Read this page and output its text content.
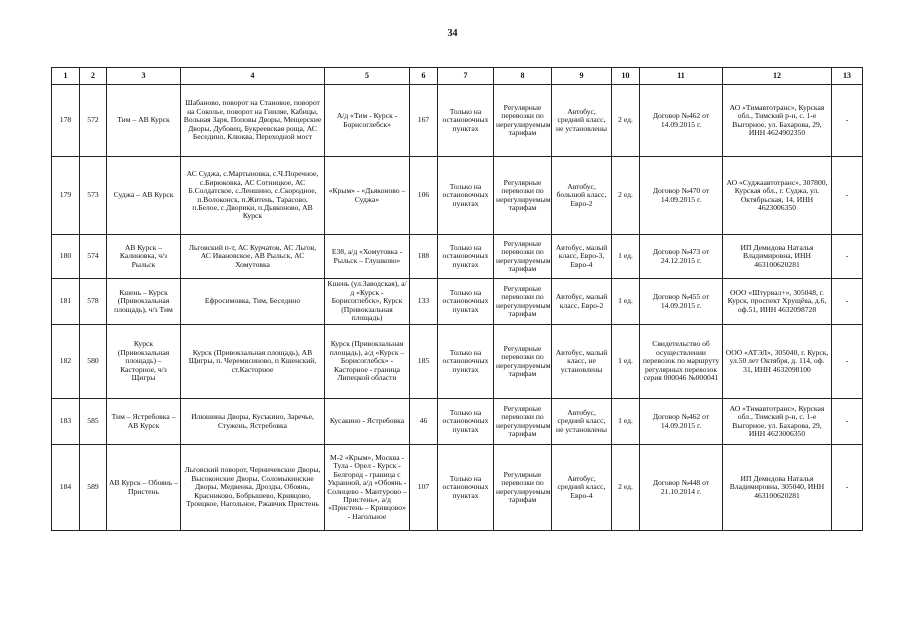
34
1	2	3	4	5	6	7	8	9	10	11	12	13
178	572	Тим – АВ Курск	Шабаново, поворот на Становое, поворот на Соколье, поворот на Гниляе, Кабицы, Вольная Заря, Поповы Дворы, Мещерские Дворы, Дубовец, Букреевская роща, АС Беседино, Клюква, Переходной мост	А/д «Тим - Курск - Борисоглебск»	167	Только на остановочных пунктах	Регулярные перевозки по нерегулируемым тарифам	Автобус, средний класс, не установлены	2 ед.	Договор №462 от 14.09.2015 г.	АО «Тимавтотранс», Курская обл., Тимский р-н, с. 1-е Выгорное, ул. Бахарова, 29, ИНН 4624902350	-
179	573	Суджа – АВ Курск	АС Суджа, с.Мартыновка, с.Ч.Поречное, с.Бирюковка, АС Сотницкое, АС Б.Солдатское, с.Леншино, с.Скородное, п.Волоконск, п.Житень, Тарасово, п.Белое, с.Дворики, п.Дьяконово, АВ Курск	«Крым» - «Дьяконово – Суджа»	106	Только на остановочных пунктах	Регулярные перевозки по нерегулируемым тарифам	Автобус, большой класс, Евро-2	2 ед.	Договор №470 от 14.09.2015 г.	АО «Суджаавтотранс», 307800, Курская обл., г. Суджа, ул. Октябрьская, 14, ИНН 4623006350	-
180	574	АВ Курск – Калиновка, ч/з Рыльск	Льговский п-т, АС Курчатов, АС Льгов, АС Ивановское, АВ Рыльск, АС Хомутовка	Е38, а/д «Хомутовка - Рыльск – Глушково»	188	Только на остановочных пунктах	Регулярные перевозки по нерегулируемым тарифам	Автобус, малый класс, Евро-3, Евро-4	1 ед.	Договор №473 от 24.12.2015 г.	ИП Демидова Наталья Владимировна, ИНН 463100620281	-
181	578	Кшень – Курск (Привокзальная площадь), ч/з Тим	Ефросимовка, Тим, Беседино	Кшень (ул.Заводская), а/д «Курск - Борисоглебск», Курск (Привокзальная площадь)	133	Только на остановочных пунктах	Регулярные перевозки по нерегулируемым тарифам	Автобус, малый класс, Евро-2	1 ед.	Договор №455 от 14.09.2015 г.	ООО «Штурвал+», 305048, г. Курск, проспект Хрущёва, д.6, оф.51, ИНН 4632098728	-
182	580	Курск (Привокзальная площадь) – Касторное, ч/з Щигры	Курск (Привокзальная площадь), АВ Щигры, п. Черемисиново, п Кшенский, ст.Касторное	Курск (Привокзальная площадь), а/д «Курск – Борисоглебск» - Касторное - граница Липецкой области	185	Только на остановочных пунктах	Регулярные перевозки по нерегулируемым тарифам	Автобус, малый класс, не установлены	1 ед.	Свидетельство об осуществлении перевозок по маршруту регулярных перевозок серия 000046 №000041	ООО «АТЭЛ», 305040, г. Курск, ул.50 лет Октября, д. 114, оф. 31, ИНН 4632098100	-
183	585	Тим – Ястребовка – АВ Курск	Илюшины Дворы, Кусъкино, Заречье, Стужень, Ястребовка	Кусакино - Ястребовка	46	Только на остановочных пунктах	Регулярные перевозки по нерегулируемым тарифам	Автобус, средний класс, не установлены	1 ед.	Договор №462 от 14.09.2015 г.	АО «Тимавтотранс», Курская обл., Тимский р-н, с. 1-е Выгорное, ул. Бахарова, 29, ИНН 4623006350	-
184	589	АВ Курск – Обоянь – Пристень	Льговский поворот, Черничевские Дворы, Высоконские Дворы, Соломыкинские Дворы, Медвенка, Дрозды, Обоянь, Красниково, Бобрышево, Кривцово, Троицкое, Нагольное, Ржавчик Пристень	М-2 «Крым», Москва - Тула - Орел - Курск - Белгород - граница с Украиной, а/д «Обоянь - Солнцево - Мантурово – Пристень», а/д «Пристень – Кривцово» - Нагольное	107	Только на остановочных пунктах	Регулярные перевозки по нерегулируемым тарифам	Автобус, средний класс, Евро-4	2 ед.	Договор №448 от 21.10.2014 г.	ИП Демидова Наталья Владимировна, 305040, ИНН 463100620281	-
